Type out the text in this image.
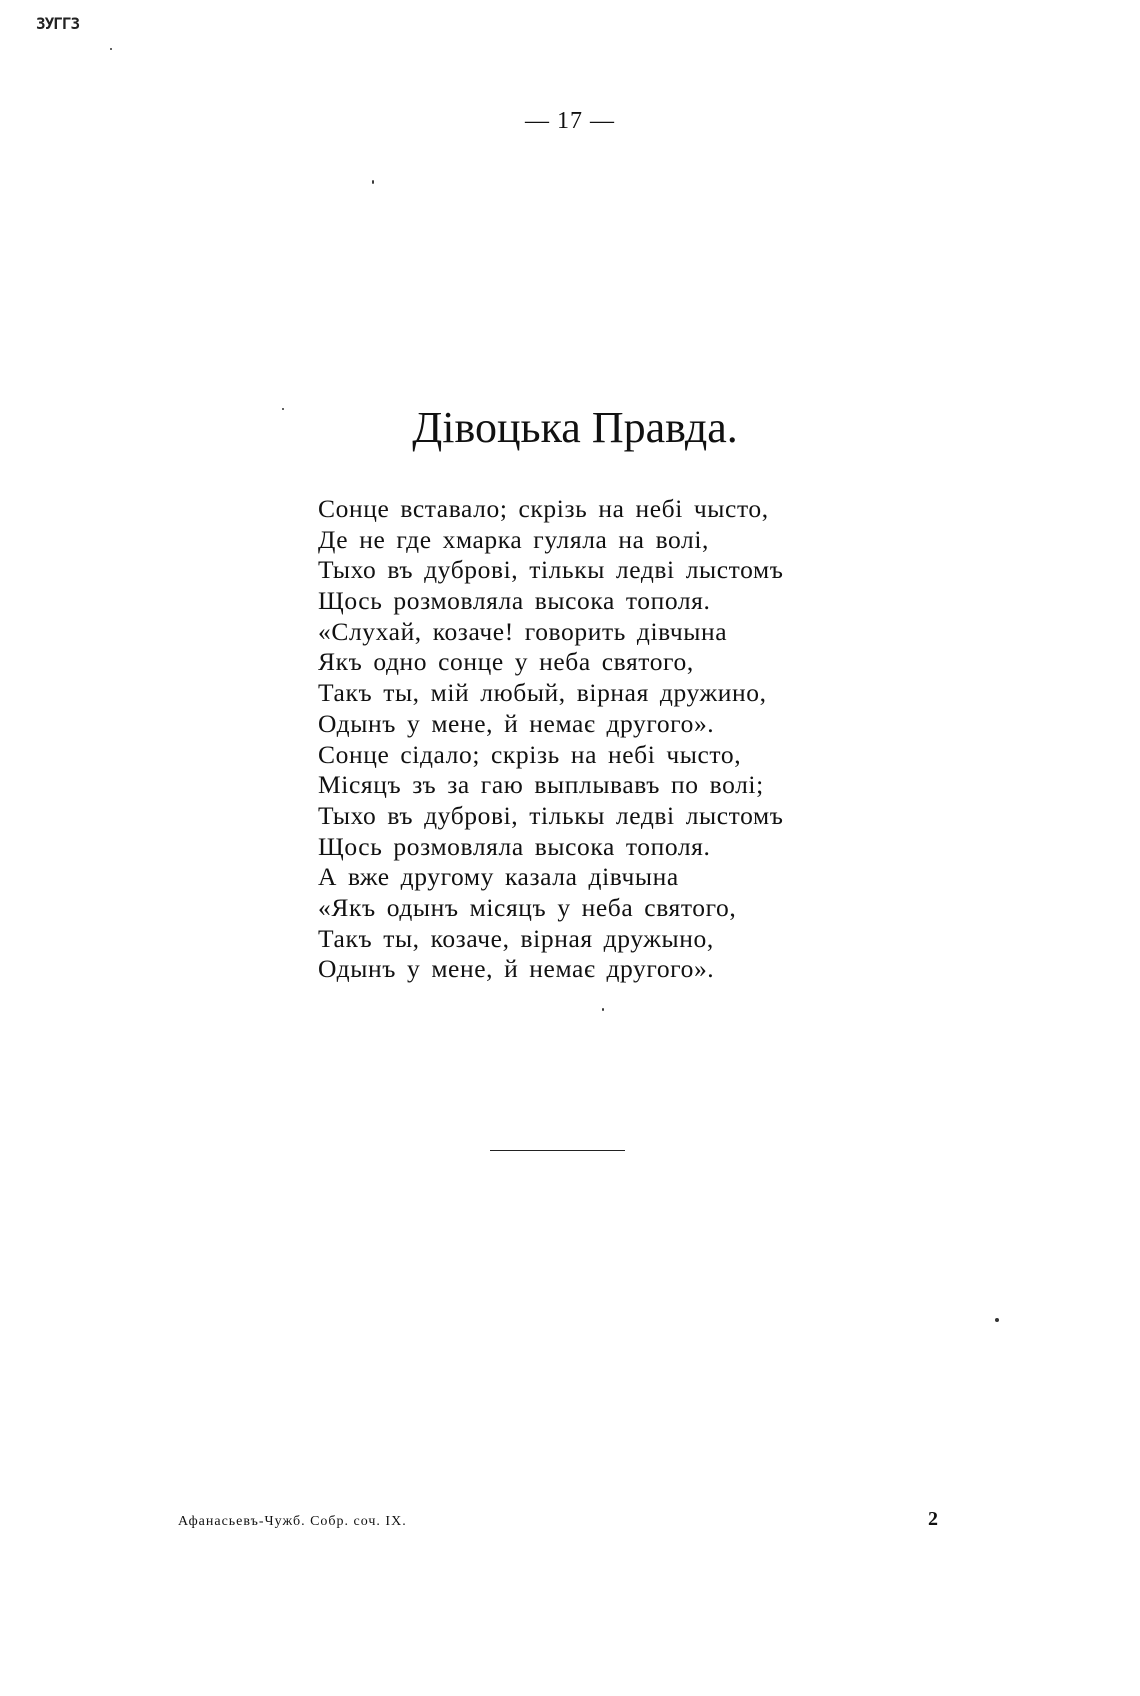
ЗУГГЗ
— 17 —
Дівоцька Правда.
Сонце вставало; скрізь на небі чысто,
Де не где хмарка гуляла на волі,
Тыхо въ дуброві, тількы ледві лыстомъ
Щось розмовляла высока тополя.
«Слухай, козаче! говорить дівчына
Якъ одно сонце у неба святого,
Такъ ты, мій любый, вірная дружино,
Одынъ у мене, й немає другого».
Сонце сідало; скрізь на небі чысто,
Місяцъ зъ за гаю выплывавъ по волі;
Тыхо въ дуброві, тількы ледві лыстомъ
Щось розмовляла высока тополя.
А вже другому казала дівчына
«Якъ одынъ місяцъ у неба святого,
Такъ ты, козаче, вірная дружыно,
Одынъ у мене, й немає другого».
Афанасьевъ-Чужб. Собр. соч. IX.	2
